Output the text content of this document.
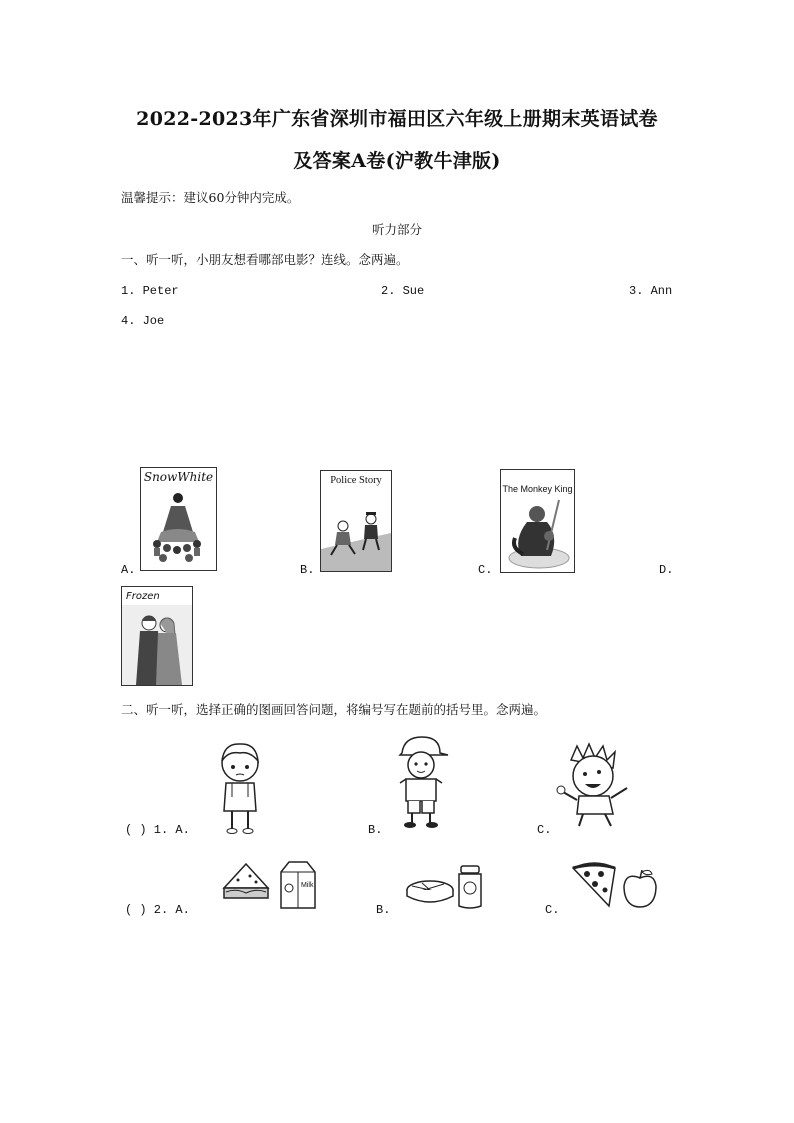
2022-2023年广东省深圳市福田区六年级上册期末英语试卷
及答案A卷(沪教牛津版)
温馨提示：建议60分钟内完成。
听力部分
一、听一听，小朋友想看哪部电影？连线。念两遍。
1. Peter	2. Sue	3. Ann
4. Joe
SnowWhite
A.
Police Story
B.
The Monkey King
C.	D.
Frozen
二、听一听，选择正确的图画回答问题，将编号写在题前的括号里。念两遍。
( ) 1. A.	B.	C.
( ) 2. A.
Milk
B.	C.
